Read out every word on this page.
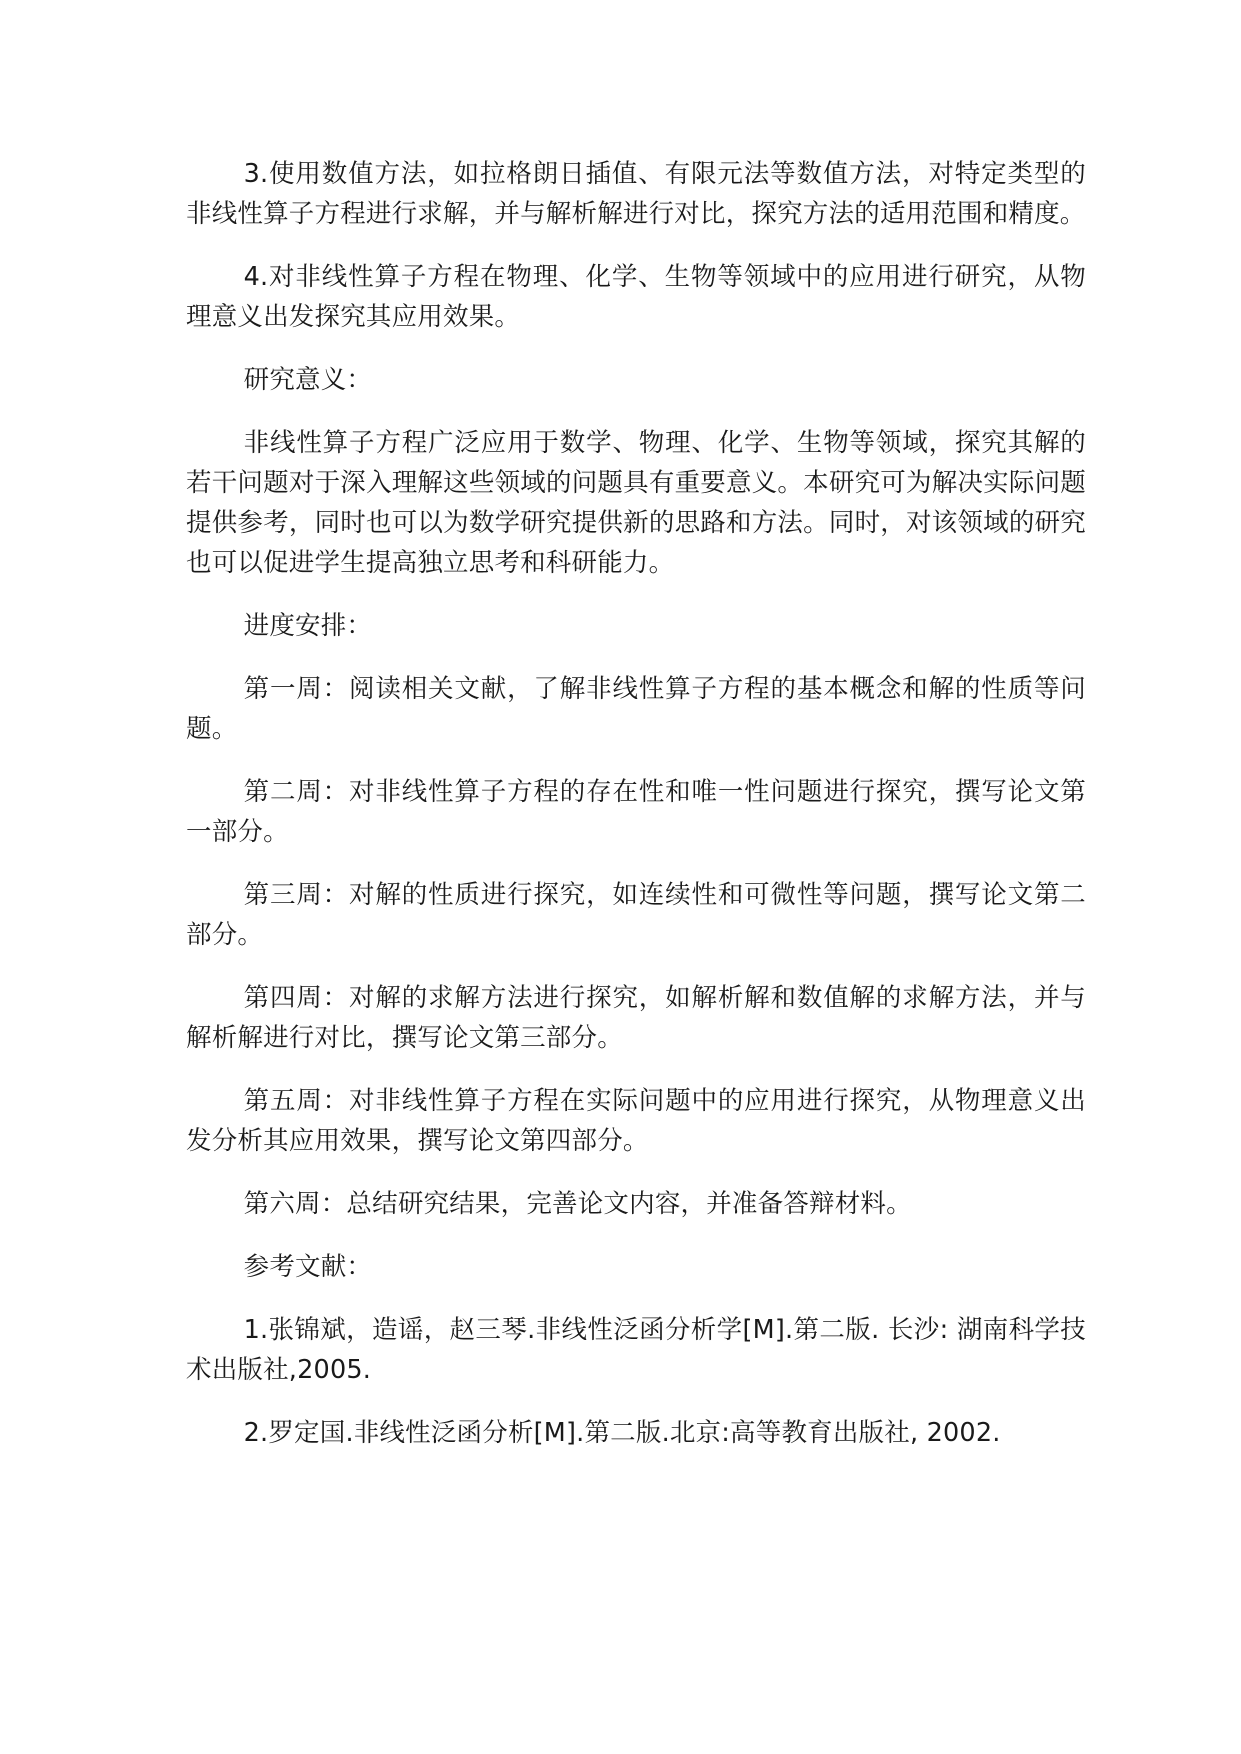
3.使用数值方法，如拉格朗日插值、有限元法等数值方法，对特定类型的非线性算子方程进行求解，并与解析解进行对比，探究方法的适用范围和精度。

4.对非线性算子方程在物理、化学、生物等领域中的应用进行研究，从物理意义出发探究其应用效果。

研究意义：

非线性算子方程广泛应用于数学、物理、化学、生物等领域，探究其解的若干问题对于深入理解这些领域的问题具有重要意义。本研究可为解决实际问题提供参考，同时也可以为数学研究提供新的思路和方法。同时，对该领域的研究也可以促进学生提高独立思考和科研能力。

进度安排：

第一周：阅读相关文献，了解非线性算子方程的基本概念和解的性质等问题。

第二周：对非线性算子方程的存在性和唯一性问题进行探究，撰写论文第一部分。

第三周：对解的性质进行探究，如连续性和可微性等问题，撰写论文第二部分。

第四周：对解的求解方法进行探究，如解析解和数值解的求解方法，并与解析解进行对比，撰写论文第三部分。

第五周：对非线性算子方程在实际问题中的应用进行探究，从物理意义出发分析其应用效果，撰写论文第四部分。

第六周：总结研究结果，完善论文内容，并准备答辩材料。

参考文献：

1.张锦斌，造谣，赵三琴.非线性泛函分析学[M].第二版. 长沙: 湖南科学技术出版社,2005.

2.罗定国.非线性泛函分析[M].第二版.北京:高等教育出版社, 2002.
